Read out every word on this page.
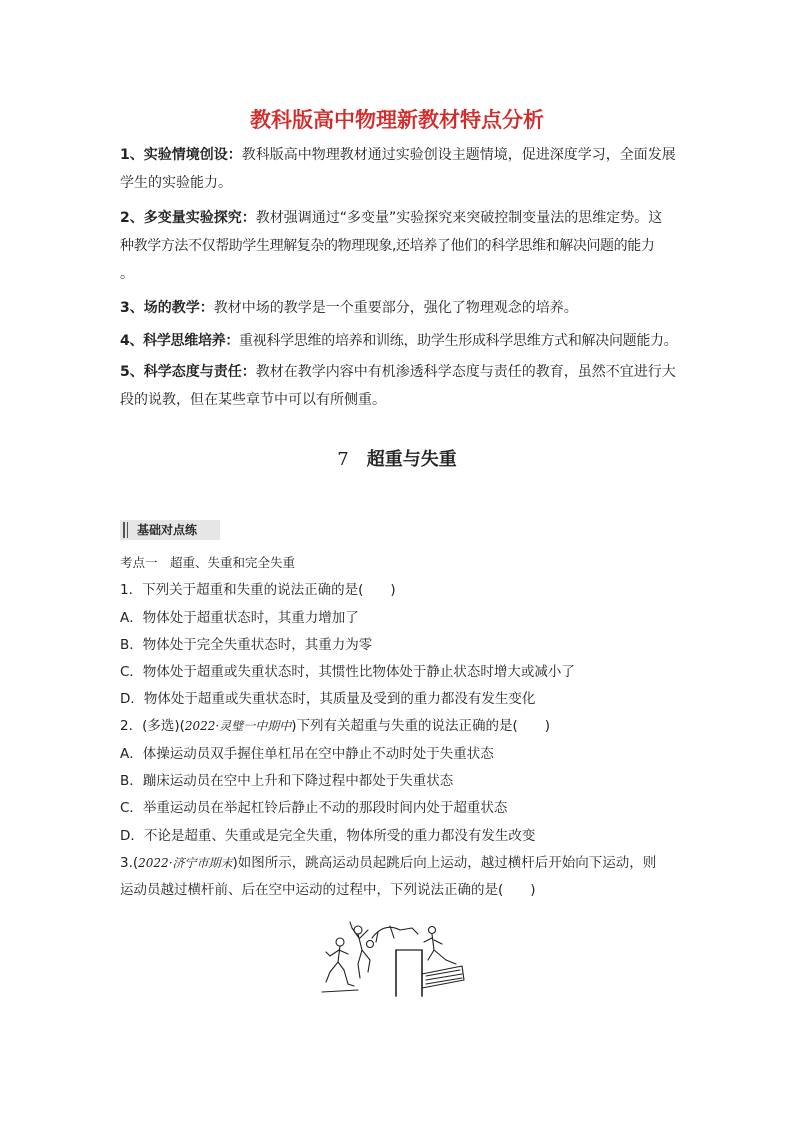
教科版高中物理新教材特点分析
1、实验情境创设：教科版高中物理教材通过实验创设主题情境，促进深度学习，全面发展
学生的实验能力。
2、多变量实验探究：教材强调通过“多变量”实验探究来突破控制变量法的思维定势。这
种教学方法不仅帮助学生理解复杂的物理现象,还培养了他们的科学思维和解决问题的能力
。
3、场的教学：教材中场的教学是一个重要部分，强化了物理观念的培养。
4、科学思维培养：重视科学思维的培养和训练，助学生形成科学思维方式和解决问题能力。
5、科学态度与责任：教材在教学内容中有机渗透科学态度与责任的教育，虽然不宜进行大
段的说教，但在某些章节中可以有所侧重。
7 超重与失重
基础对点练
考点一　超重、失重和完全失重
1．下列关于超重和失重的说法正确的是(　　)
A．物体处于超重状态时，其重力增加了
B．物体处于完全失重状态时，其重力为零
C．物体处于超重或失重状态时，其惯性比物体处于静止状态时增大或减小了
D．物体处于超重或失重状态时，其质量及受到的重力都没有发生变化
2．(多选)(2022·灵璧一中期中)下列有关超重与失重的说法正确的是(　　)
A．体操运动员双手握住单杠吊在空中静止不动时处于失重状态
B．蹦床运动员在空中上升和下降过程中都处于失重状态
C．举重运动员在举起杠铃后静止不动的那段时间内处于超重状态
D．不论是超重、失重或是完全失重，物体所受的重力都没有发生改变
3.(2022·济宁市期末)如图所示，跳高运动员起跳后向上运动，越过横杆后开始向下运动，则
运动员越过横杆前、后在空中运动的过程中，下列说法正确的是(　　)
